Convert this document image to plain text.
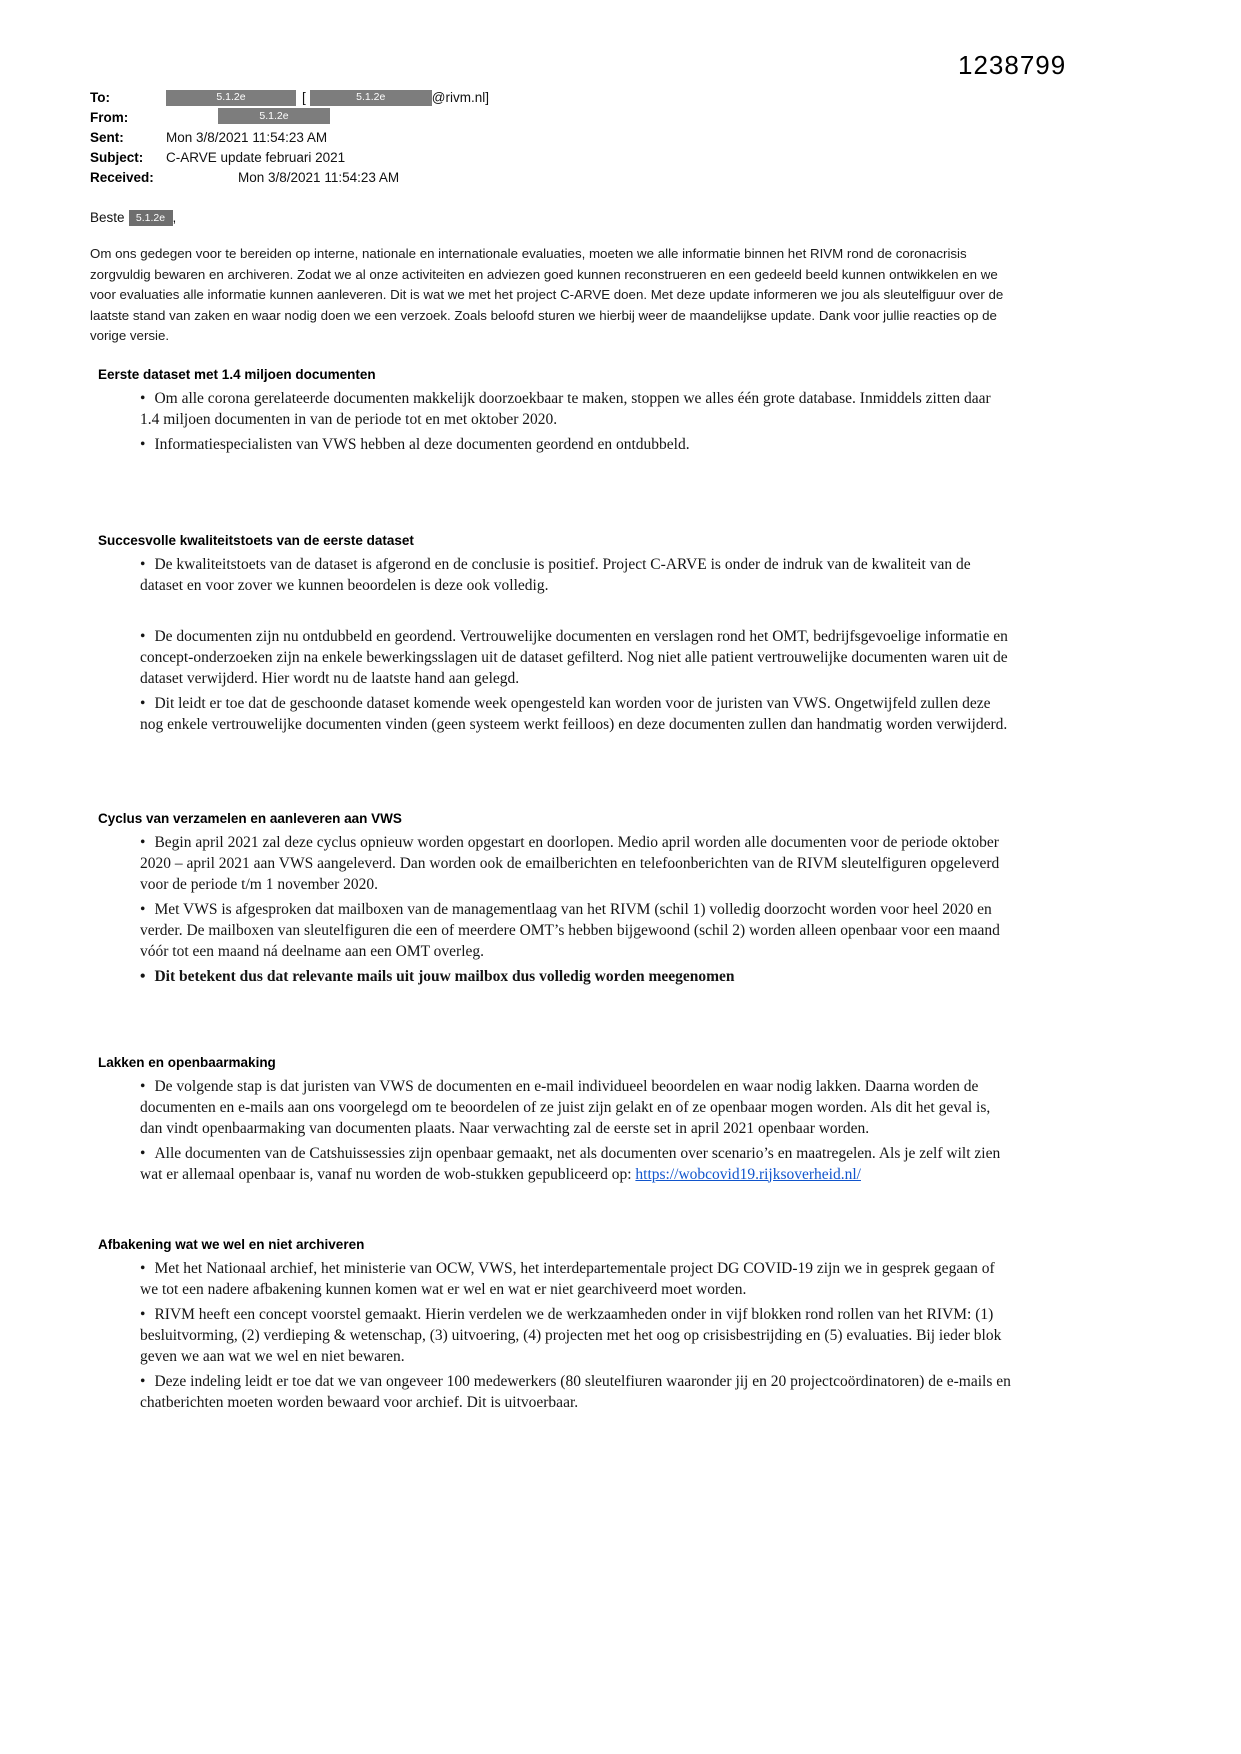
1238799
To:	5.1.2e	[	5.1.2e	@rivm.nl]
From:	5.1.2e
Sent:	Mon 3/8/2021 11:54:23 AM
Subject:	C-ARVE update februari 2021
Received:	Mon 3/8/2021 11:54:23 AM
Beste 5.1.2e ,

Om ons gedegen voor te bereiden op interne, nationale en internationale evaluaties, moeten we alle informatie binnen het RIVM rond de coronacrisis zorgvuldig bewaren en archiveren. Zodat we al onze activiteiten en adviezen goed kunnen reconstrueren en een gedeeld beeld kunnen ontwikkelen en we voor evaluaties alle informatie kunnen aanleveren. Dit is wat we met het project C-ARVE doen. Met deze update informeren we jou als sleutelfiguur over de laatste stand van zaken en waar nodig doen we een verzoek. Zoals beloofd sturen we hierbij weer de maandelijkse update. Dank voor jullie reacties op de vorige versie.

Eerste dataset met 1.4 miljoen documenten
• Om alle corona gerelateerde documenten makkelijk doorzoekbaar te maken, stoppen we alles één grote database. Inmiddels zitten daar 1.4 miljoen documenten in van de periode tot en met oktober 2020.
• Informatiespecialisten van VWS hebben al deze documenten geordend en ontdubbeld.
Succesvolle kwaliteitstoets van de eerste dataset
• De kwaliteitstoets van de dataset is afgerond en de conclusie is positief. Project C-ARVE is onder de indruk van de kwaliteit van de dataset en voor zover we kunnen beoordelen is deze ook volledig.
• De documenten zijn nu ontdubbeld en geordend. Vertrouwelijke documenten en verslagen rond het OMT, bedrijfsgevoelige informatie en concept-onderzoeken zijn na enkele bewerkingsslagen uit de dataset gefilterd. Nog niet alle patient vertrouwelijke documenten waren uit de dataset verwijderd. Hier wordt nu de laatste hand aan gelegd.
• Dit leidt er toe dat de geschoonde dataset komende week opengesteld kan worden voor de juristen van VWS. Ongetwijfeld zullen deze nog enkele vertrouwelijke documenten vinden (geen systeem werkt feilloos) en deze documenten zullen dan handmatig worden verwijderd.
Cyclus van verzamelen en aanleveren aan VWS
• Begin april 2021 zal deze cyclus opnieuw worden opgestart en doorlopen. Medio april worden alle documenten voor de periode oktober 2020 – april 2021 aan VWS aangeleverd. Dan worden ook de emailberichten en telefoonberichten van de RIVM sleutelfiguren opgeleverd voor de periode t/m 1 november 2020.
• Met VWS is afgesproken dat mailboxen van de managementlaag van het RIVM (schil 1) volledig doorzocht worden voor heel 2020 en verder. De mailboxen van sleutelfiguren die een of meerdere OMT’s hebben bijgewoond (schil 2) worden alleen openbaar voor een maand vóór tot een maand ná deelname aan een OMT overleg.
• Dit betekent dus dat relevante mails uit jouw mailbox dus volledig worden meegenomen
Lakken en openbaarmaking
• De volgende stap is dat juristen van VWS de documenten en e-mail individueel beoordelen en waar nodig lakken. Daarna worden de documenten en e-mails aan ons voorgelegd om te beoordelen of ze juist zijn gelakt en of ze openbaar mogen worden. Als dit het geval is, dan vindt openbaarmaking van documenten plaats. Naar verwachting zal de eerste set in april 2021 openbaar worden.
• Alle documenten van de Catshuissessies zijn openbaar gemaakt, net als documenten over scenario’s en maatregelen. Als je zelf wilt zien wat er allemaal openbaar is, vanaf nu worden de wob-stukken gepubliceerd op: https://wobcovid19.rijksoverheid.nl/
Afbakening wat we wel en niet archiveren
• Met het Nationaal archief, het ministerie van OCW, VWS, het interdepartementale project DG COVID-19 zijn we in gesprek gegaan of we tot een nadere afbakening kunnen komen wat er wel en wat er niet gearchiveerd moet worden.
• RIVM heeft een concept voorstel gemaakt. Hierin verdelen we de werkzaamheden onder in vijf blokken rond rollen van het RIVM: (1) besluitvorming, (2) verdieping & wetenschap, (3) uitvoering, (4) projecten met het oog op crisisbestrijding en (5) evaluaties. Bij ieder blok geven we aan wat we wel en niet bewaren.
• Deze indeling leidt er toe dat we van ongeveer 100 medewerkers (80 sleutelfiuren waaronder jij en 20 projectcoördinatoren) de e-mails en chatberichten moeten worden bewaard voor archief. Dit is uitvoerbaar.
